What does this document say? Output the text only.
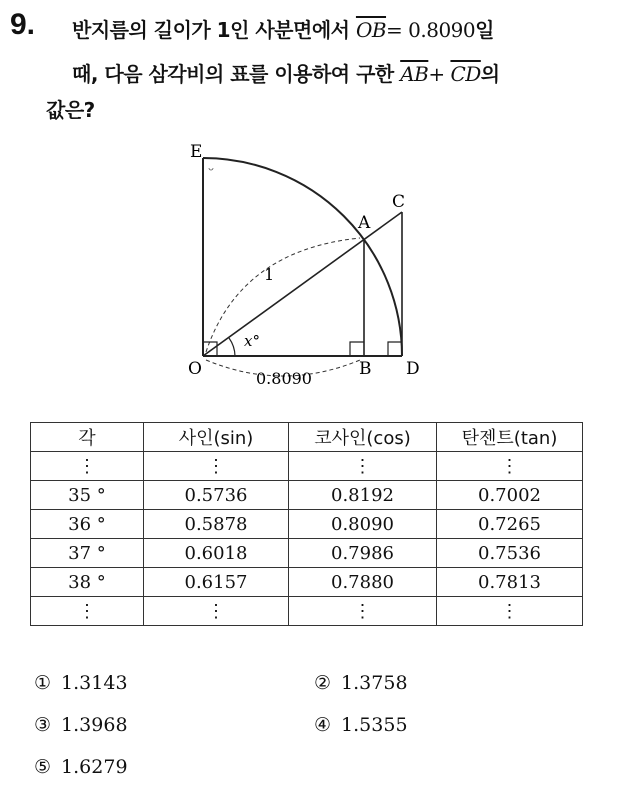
9. 반지름의 길이가 1인 사분면에서 $\overline{OB}= 0.8090$일
때, 다음 삼각비의 표를 이용하여 구한 $\overline{AB}+ \overline{CD}$의
값은?
E
C
A
O	B D
1
x°
0.8090
각	사인(sin)	코사인(cos)	탄젠트(tan)
⋮	⋮	⋮	⋮
35 °	0.5736	0.8192	0.7002
36 °	0.5878	0.8090	0.7265
37 °	0.6018	0.7986	0.7536
38 °	0.6157	0.7880	0.7813
⋮	⋮	⋮	⋮
① 1.3143	② 1.3758
③ 1.3968	④ 1.5355
⑤ 1.6279
